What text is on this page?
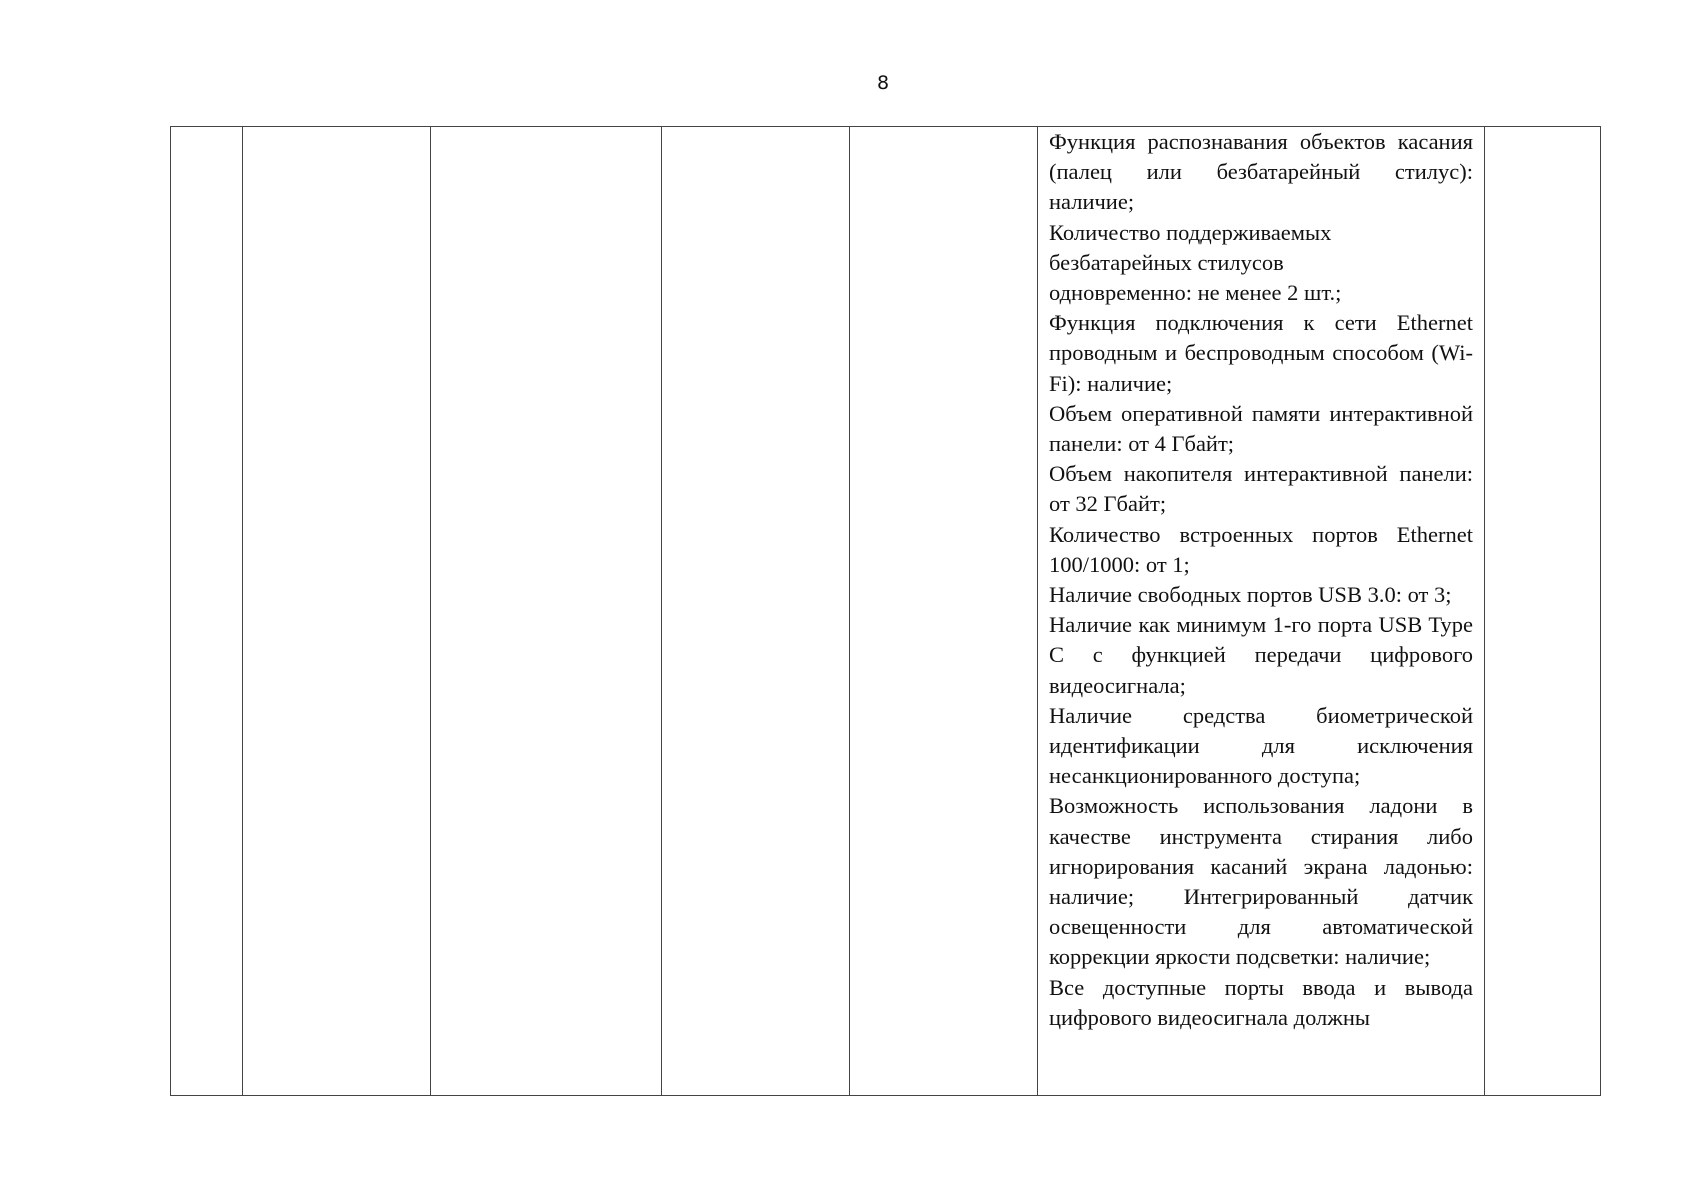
8

Функция распознавания объектов касания (палец или безбатарейный стилус): наличие;

Количество поддерживаемых безбатарейных стилусов

одновременно: не менее 2 шт.;

Функция подключения к сети Ethernet проводным и беспроводным способом (Wi-Fi): наличие;

Объем оперативной памяти интерактивной панели: от 4 Гбайт;

Объем накопителя интерактивной панели: от 32 Гбайт;

Количество встроенных портов Ethernet 100/1000: от 1;

Наличие свободных портов USB 3.0: от 3;

Наличие как минимум 1-го порта USB Type C с функцией передачи цифрового видеосигнала;

Наличие средства биометрической идентификации для исключения несанкционированного доступа;

Возможность использования ладони в качестве инструмента стирания либо игнорирования касаний экрана ладонью: наличие; Интегрированный датчик освещенности для автоматической коррекции яркости подсветки: наличие;

Все доступные порты ввода и вывода цифрового видеосигнала должны
